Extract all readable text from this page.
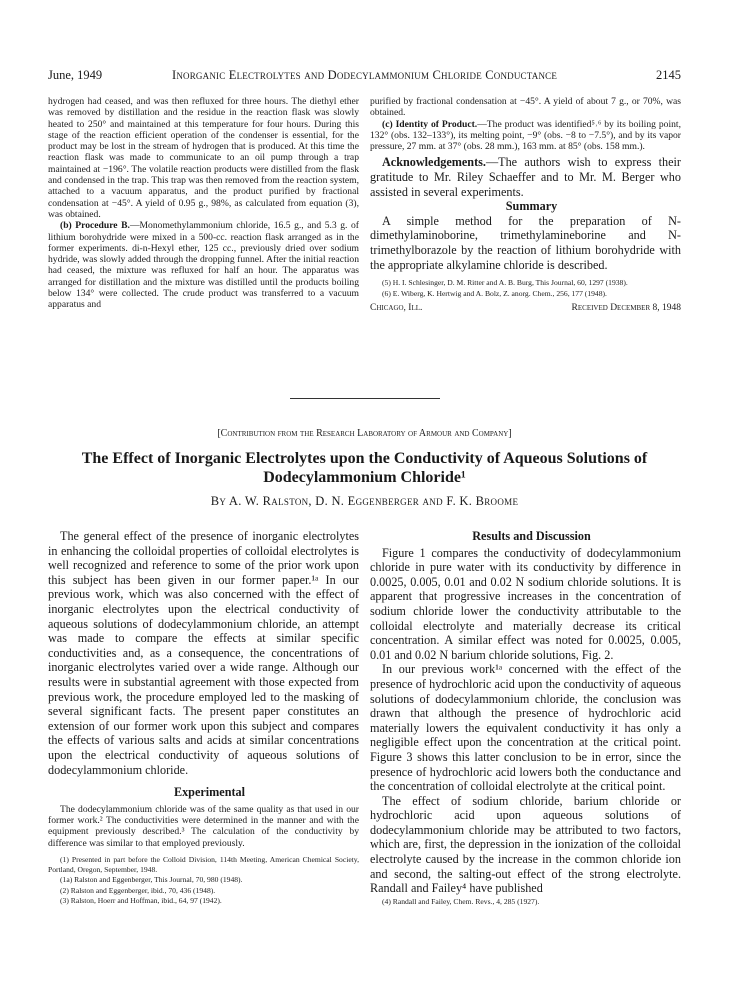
June, 1949	Inorganic Electrolytes and Dodecylammonium Chloride Conductance	2145

hydrogen had ceased, and was then refluxed for three hours. The diethyl ether was removed by distillation and the residue in the reaction flask was slowly heated to 250° and maintained at this temperature for four hours. During this stage of the reaction efficient operation of the condenser is essential, for the product may be lost in the stream of hydrogen that is produced. At this time the reaction flask was made to communicate to an oil pump through a trap maintained at −196°. The volatile reaction products were distilled from the flask and condensed in the trap. This trap was then removed from the reaction system, attached to a vacuum apparatus, and the product purified by fractional condensation at −45°. A yield of 0.95 g., 98%, as calculated from equation (3), was obtained.

(b) Procedure B.—Monomethylammonium chloride, 16.5 g., and 5.3 g. of lithium borohydride were mixed in a 500-cc. reaction flask arranged as in the former experiments. di-n-Hexyl ether, 125 cc., previously dried over sodium hydride, was slowly added through the dropping funnel. After the initial reaction had ceased, the mixture was refluxed for half an hour. The apparatus was arranged for distillation and the mixture was distilled until the products boiling below 134° were collected. The crude product was transferred to a vacuum apparatus and

purified by fractional condensation at −45°. A yield of about 7 g., or 70%, was obtained.

(c) Identity of Product.—The product was identified⁵˒⁶ by its boiling point, 132° (obs. 132–133°), its melting point, −9° (obs. −8 to −7.5°), and by its vapor pressure, 27 mm. at 37° (obs. 28 mm.), 163 mm. at 85° (obs. 158 mm.).

Acknowledgements.—The authors wish to express their gratitude to Mr. Riley Schaeffer and to Mr. M. Berger who assisted in several experiments.

Summary

A simple method for the preparation of N-dimethylaminoborine, trimethylamineborine and N-trimethylborazole by the reaction of lithium borohydride with the appropriate alkylamine chloride is described.

(5) H. I. Schlesinger, D. M. Ritter and A. B. Burg, This Journal, 60, 1297 (1938).

(6) E. Wiberg, K. Hertwig and A. Bolz, Z. anorg. Chem., 256, 177 (1948).

Chicago, Ill.	Received December 8, 1948
[Contribution from the Research Laboratory of Armour and Company]
The Effect of Inorganic Electrolytes upon the Conductivity of Aqueous Solutions of Dodecylammonium Chloride¹
By A. W. Ralston, D. N. Eggenberger and F. K. Broome

The general effect of the presence of inorganic electrolytes in enhancing the colloidal properties of colloidal electrolytes is well recognized and reference to some of the prior work upon this subject has been given in our former paper.¹ᵃ In our previous work, which was also concerned with the effect of inorganic electrolytes upon the electrical conductivity of aqueous solutions of dodecylammonium chloride, an attempt was made to compare the effects at similar specific conductivities and, as a consequence, the concentrations of inorganic electrolytes varied over a wide range. Although our results were in substantial agreement with those expected from previous work, the procedure employed led to the masking of several significant facts. The present paper constitutes an extension of our former work upon this subject and compares the effects of various salts and acids at similar concentrations upon the electrical conductivity of aqueous solutions of dodecylammonium chloride.

Experimental

The dodecylammonium chloride was of the same quality as that used in our former work.² The conductivities were determined in the manner and with the equipment previously described.³ The calculation of the conductivity by difference was similar to that employed previously.

(1) Presented in part before the Colloid Division, 114th Meeting, American Chemical Society, Portland, Oregon, September, 1948.

(1a) Ralston and Eggenberger, This Journal, 70, 980 (1948).

(2) Ralston and Eggenberger, ibid., 70, 436 (1948).

(3) Ralston, Hoerr and Hoffman, ibid., 64, 97 (1942).

Results and Discussion

Figure 1 compares the conductivity of dodecylammonium chloride in pure water with its conductivity by difference in 0.0025, 0.005, 0.01 and 0.02 N sodium chloride solutions. It is apparent that progressive increases in the concentration of sodium chloride lower the conductivity attributable to the colloidal electrolyte and materially decrease its critical concentration. A similar effect was noted for 0.0025, 0.005, 0.01 and 0.02 N barium chloride solutions, Fig. 2.

In our previous work¹ᵃ concerned with the effect of the presence of hydrochloric acid upon the conductivity of aqueous solutions of dodecylammonium chloride, the conclusion was drawn that although the presence of hydrochloric acid materially lowers the equivalent conductivity it has only a negligible effect upon the concentration at the critical point. Figure 3 shows this latter conclusion to be in error, since the presence of hydrochloric acid lowers both the conductance and the concentration of colloidal electrolyte at the critical point.

The effect of sodium chloride, barium chloride or hydrochloric acid upon aqueous solutions of dodecylammonium chloride may be attributed to two factors, which are, first, the depression in the ionization of the colloidal electrolyte caused by the increase in the common chloride ion and second, the salting-out effect of the strong electrolyte. Randall and Failey⁴ have published

(4) Randall and Failey, Chem. Revs., 4, 285 (1927).
